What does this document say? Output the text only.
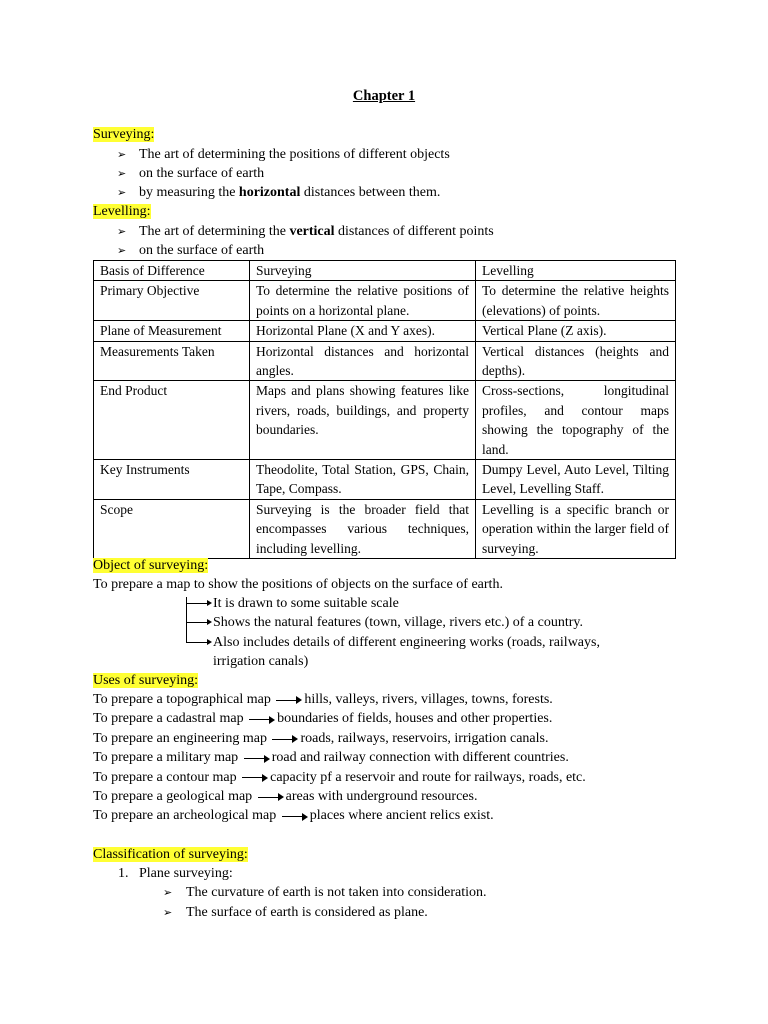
Chapter 1
Surveying:
➢ The art of determining the positions of different objects
➢ on the surface of earth
➢ by measuring the horizontal distances between them.
Levelling:
➢ The art of determining the vertical distances of different points
➢ on the surface of earth
Basis of Difference	Surveying	Levelling
Primary Objective	To determine the relative positions of points on a horizontal plane.	To determine the relative heights (elevations) of points.
Plane of Measurement	Horizontal Plane (X and Y axes).	Vertical Plane (Z axis).
Measurements Taken	Horizontal distances and horizontal angles.	Vertical distances (heights and depths).
End Product	Maps and plans showing features like rivers, roads, buildings, and property boundaries.	Cross-sections, longitudinal profiles, and contour maps showing the topography of the land.
Key Instruments	Theodolite, Total Station, GPS, Chain, Tape, Compass.	Dumpy Level, Auto Level, Tilting Level, Levelling Staff.
Scope	Surveying is the broader field that encompasses various techniques, including levelling.	Levelling is a specific branch or operation within the larger field of surveying.
Object of surveying:
To prepare a map to show the positions of objects on the surface of earth.
It is drawn to some suitable scale
Shows the natural features (town, village, rivers etc.) of a country.
Also includes details of different engineering works (roads, railways,
irrigation canals)
Uses of surveying:
To prepare a topographical map hills, valleys, rivers, villages, towns, forests.
To prepare a cadastral map boundaries of fields, houses and other properties.
To prepare an engineering map roads, railways, reservoirs, irrigation canals.
To prepare a military map road and railway connection with different countries.
To prepare a contour map capacity pf a reservoir and route for railways, roads, etc.
To prepare a geological map areas with underground resources.
To prepare an archeological map places where ancient relics exist.
Classification of surveying:
1. Plane surveying:
➢ The curvature of earth is not taken into consideration.
➢ The surface of earth is considered as plane.
